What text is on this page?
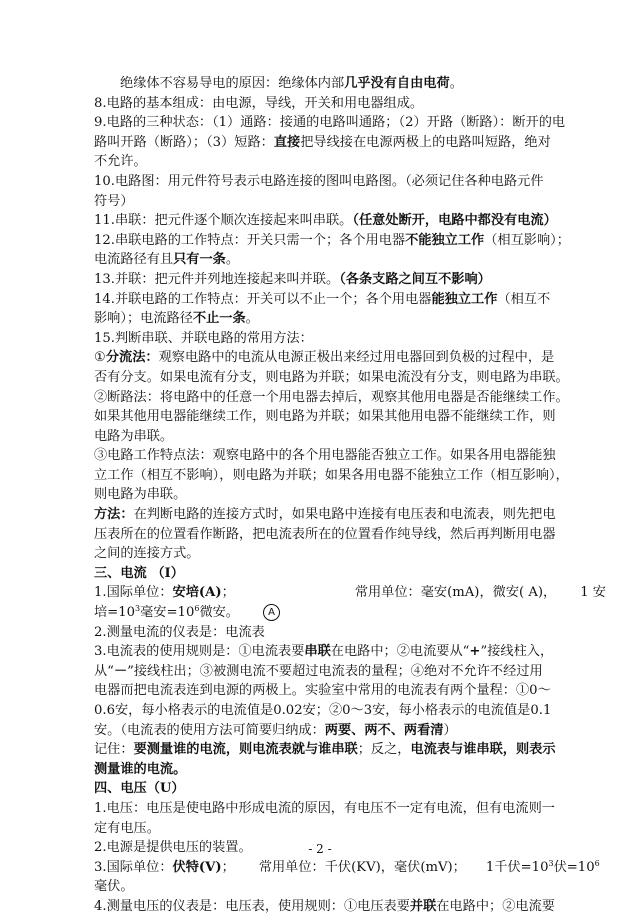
绝缘体不容易导电的原因：绝缘体内部几乎没有自由电荷。
8.电路的基本组成：由电源，导线，开关和用电器组成。
9.电路的三种状态：（1）通路：接通的电路叫通路；（2）开路（断路）：断开的电
路叫开路（断路）；（3）短路：直接把导线接在电源两极上的电路叫短路，绝对
不允许。
10.电路图：用元件符号表示电路连接的图叫电路图。（必须记住各种电路元件
符号）
11.串联：把元件逐个顺次连接起来叫串联。（任意处断开，电路中都没有电流）
12.串联电路的工作特点：开关只需一个；各个用电器不能独立工作（相互影响）；
电流路径有且只有一条。
13.并联：把元件并列地连接起来叫并联。（各条支路之间互不影响）
14.并联电路的工作特点：开关可以不止一个；各个用电器能独立工作（相互不
影响）；电流路径不止一条。
15.判断串联、并联电路的常用方法：
①分流法：观察电路中的电流从电源正极出来经过用电器回到负极的过程中，是
否有分支。如果电流有分支，则电路为并联；如果电流没有分支，则电路为串联。
②断路法：将电路中的任意一个用电器去掉后，观察其他用电器是否能继续工作。
如果其他用电器能继续工作，则电路为并联；如果其他用电器不能继续工作，则
电路为串联。
③电路工作特点法：观察电路中的各个用电器能否独立工作。如果各用电器能独
立工作（相互不影响），则电路为并联；如果各用电器不能独立工作（相互影响），
则电路为串联。
方法：在判断电路的连接方式时，如果电路中连接有电压表和电流表，则先把电
压表所在的位置看作断路，把电流表所在的位置看作纯导线，然后再判断用电器
之间的连接方式。
三、电流 （I）
1.国际单位：安培(A)；	常用单位：毫安(mA)，微安( A)， 1 安
培$=10^3$毫安$=10^6$微安。	A
2.测量电流的仪表是：电流表
3.电流表的使用规则是：①电流表要串联在电路中；②电流要从“+”接线柱入，
从“－”接线柱出；③被测电流不要超过电流表的量程；④绝对不允许不经过用
电器而把电流表连到电源的两极上。实验室中常用的电流表有两个量程：①0～
0.6安，每小格表示的电流值是0.02安；②0～3安，每小格表示的电流值是0.1
安。（电流表的使用方法可简要归纳成：两要、两不、两看清）
记住：要测量谁的电流，则电流表就与谁串联；反之，电流表与谁串联，则表示
测量谁的电流。
四、电压（U）
1.电压：电压是使电路中形成电流的原因，有电压不一定有电流，但有电流则一
定有电压。
2.电源是提供电压的装置。
3.国际单位：伏特(V)； 常用单位：千伏(KV)，毫伏(mV)； 1千伏$=10^3$伏$=10^6$
毫伏。
4.测量电压的仪表是：电压表，使用规则：①电压表要并联在电路中；②电流要
- 2 -
